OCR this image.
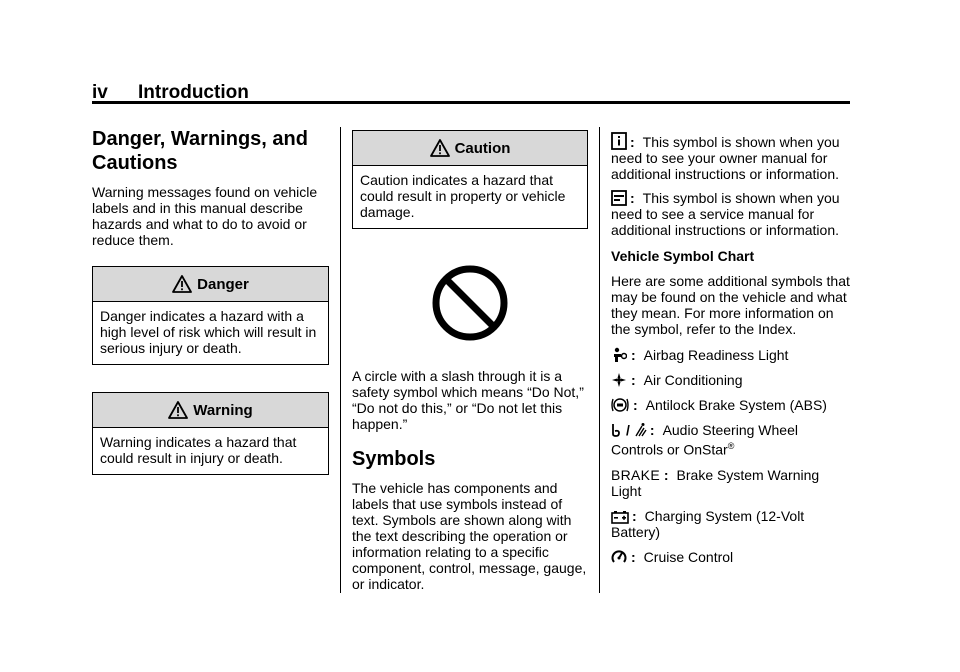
iv Introduction
Danger, Warnings, and
Cautions

Warning messages found on vehicle labels and in this manual describe hazards and what to do to avoid or reduce them.

Danger
Danger indicates a hazard with a high level of risk which will result in serious injury or death.
Warning
Warning indicates a hazard that could result in injury or death.
Caution
Caution indicates a hazard that could result in property or vehicle damage.

A circle with a slash through it is a safety symbol which means “Do Not,” “Do not do this,” or “Do not let this happen.”

Symbols

The vehicle has components and labels that use symbols instead of text. Symbols are shown along with the text describing the operation or information relating to a specific component, control, message, gauge, or indicator.

: This symbol is shown when you need to see your owner manual for additional instructions or information.

: This symbol is shown when you need to see a service manual for additional instructions or information.

Vehicle Symbol Chart

Here are some additional symbols that may be found on the vehicle and what they mean. For more information on the symbol, refer to the Index.

: Airbag Readiness Light
: Air Conditioning
: Antilock Brake System (ABS)

/ : Audio Steering Wheel Controls or OnStar®

BRAKE : Brake System Warning Light

: Charging System (12-Volt Battery)

: Cruise Control
